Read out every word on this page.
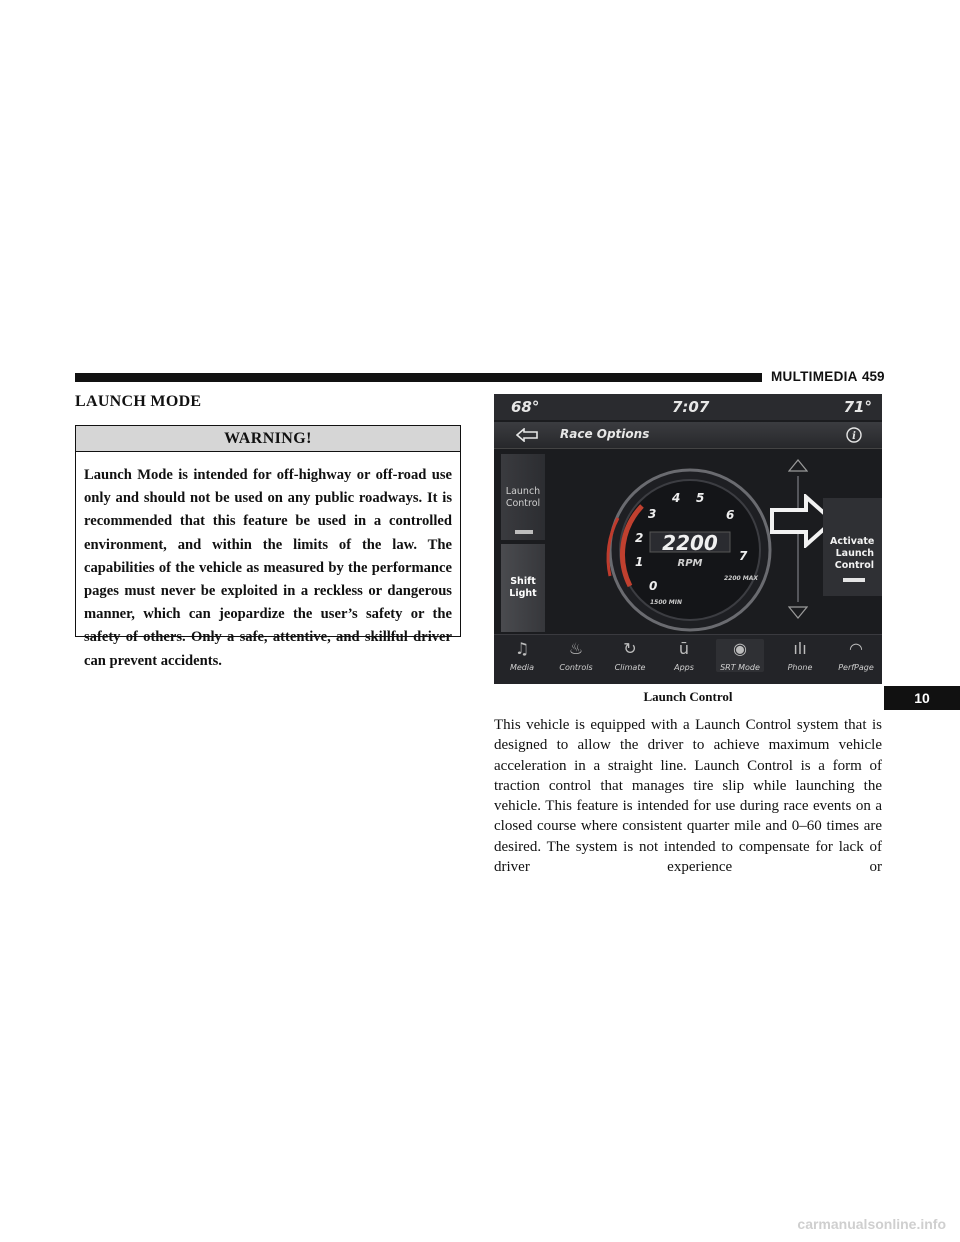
MULTIMEDIA 459
LAUNCH MODE
WARNING!
Launch Mode is intended for off-highway or off-road use only and should not be used on any public roadways. It is recommended that this feature be used in a controlled environment, and within the limits of the law. The capabilities of the vehicle as measured by the performance pages must never be exploited in a reckless or dangerous manner, which can jeopardize the user’s safety or the safety of others. Only a safe, attentive, and skillful driver can prevent accidents.
68°	7:07	71°
Race Options	i
Launch Control
Shift Light
2200
RPM
0
1
2
3
4 5
6
7
1500 MIN
2200 MAX
Activate Launch Control
♫
Media
♨
Controls
↻
Climate
ū
Apps
◉
SRT Mode
ılı
Phone
◠
PerfPage
Launch Control	10
This vehicle is equipped with a Launch Control system that is designed to allow the driver to achieve maximum vehicle acceleration in a straight line. Launch Control is a form of traction control that manages tire slip while launching the vehicle. This feature is intended for use during race events on a closed course where consistent quarter mile and 0–60 times are desired. The system is not intended to compensate for lack of driver experience or
carmanualsonline.info
